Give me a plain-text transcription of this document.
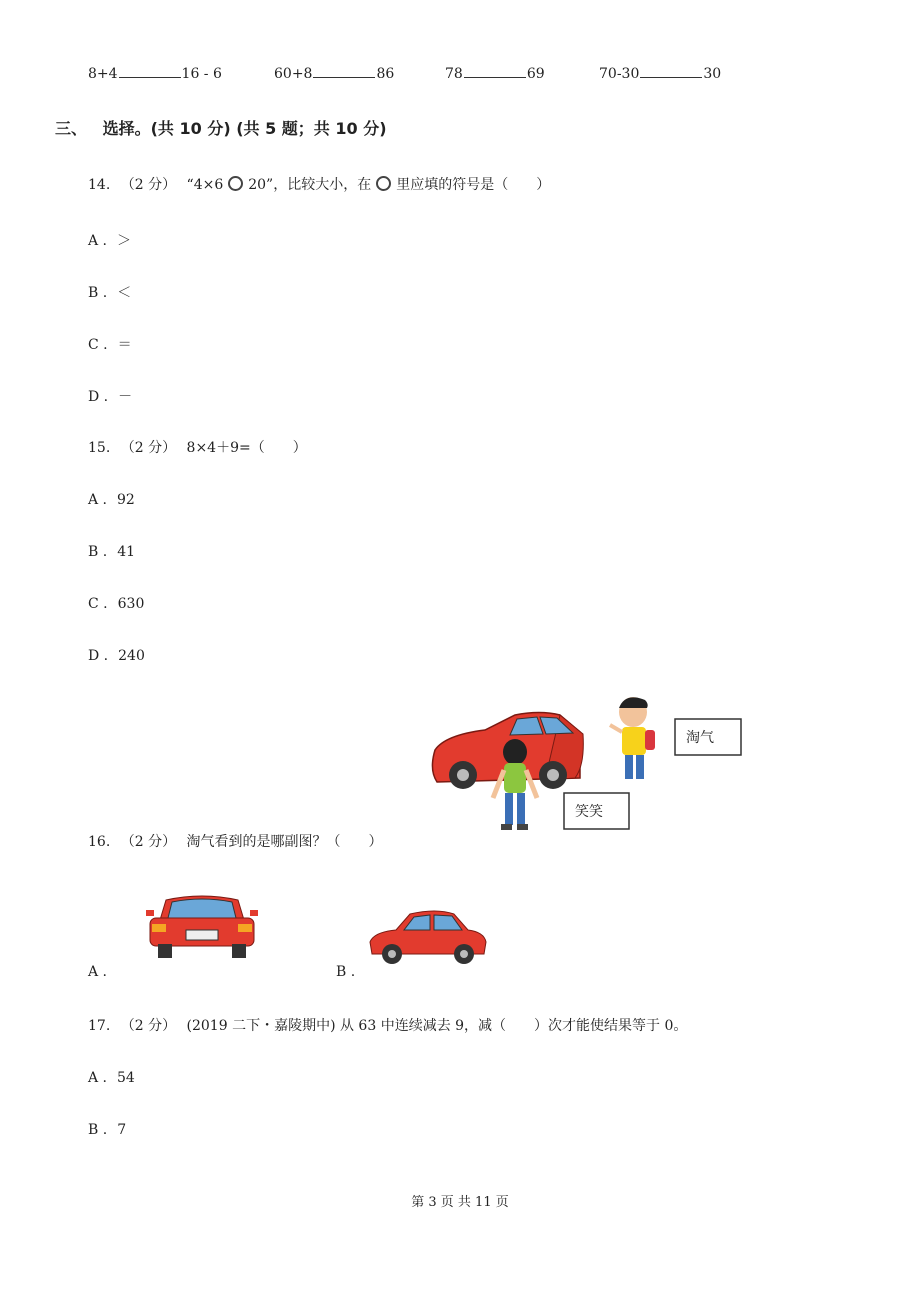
8+4	16 - 6	60+8	86	78	69	70-30	30
三、 选择。(共 10 分) (共 5 题；共 10 分)
14. （2 分） “4×6 20”，比较大小，在 里应填的符号是（　　）
A . ＞
B . ＜
C . ＝
D . －
15. （2 分） 8×4＋9=（　　）
A . 92
B . 41
C . 630
D . 240
淘气
笑笑
16. （2 分） 淘气看到的是哪副图？（　　）
A .	B .
17. （2 分） (2019 二下・嘉陵期中) 从 63 中连续减去 9，减（　　）次才能使结果等于 0。
A . 54
B . 7
第 3 页 共 11 页
